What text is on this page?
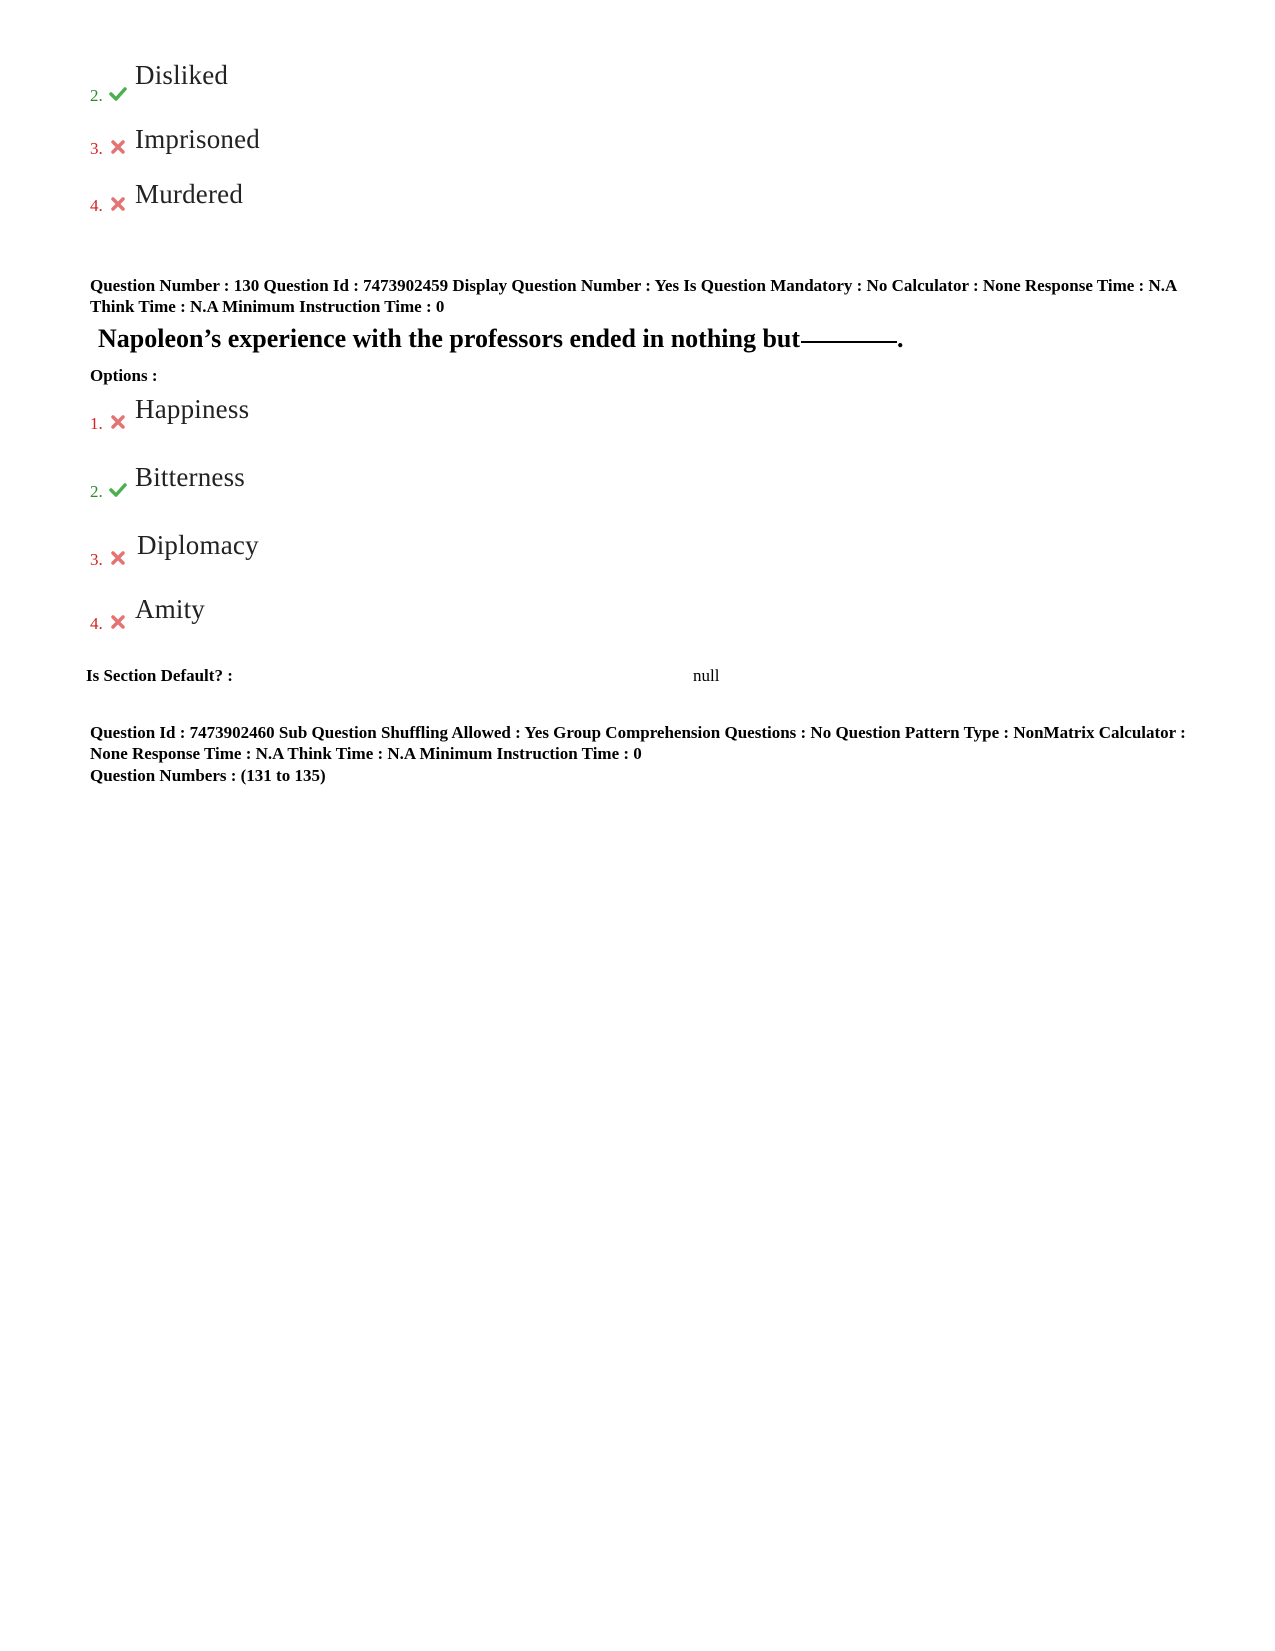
2.
Disliked
3. Imprisoned
4. Murdered
Question Number : 130 Question Id : 7473902459 Display Question Number : Yes Is Question Mandatory : No Calculator : None Response Time : N.A Think Time : N.A Minimum Instruction Time : 0
Napoleon’s experience with the professors ended in nothing but	.
Options :
1. Happiness
2. Bitterness
3. Diplomacy
4. Amity
Is Section Default? :	null
Question Id : 7473902460 Sub Question Shuffling Allowed : Yes Group Comprehension Questions : No Question Pattern Type : NonMatrix Calculator : None Response Time : N.A Think Time : N.A Minimum Instruction Time : 0
Question Numbers : (131 to 135)
